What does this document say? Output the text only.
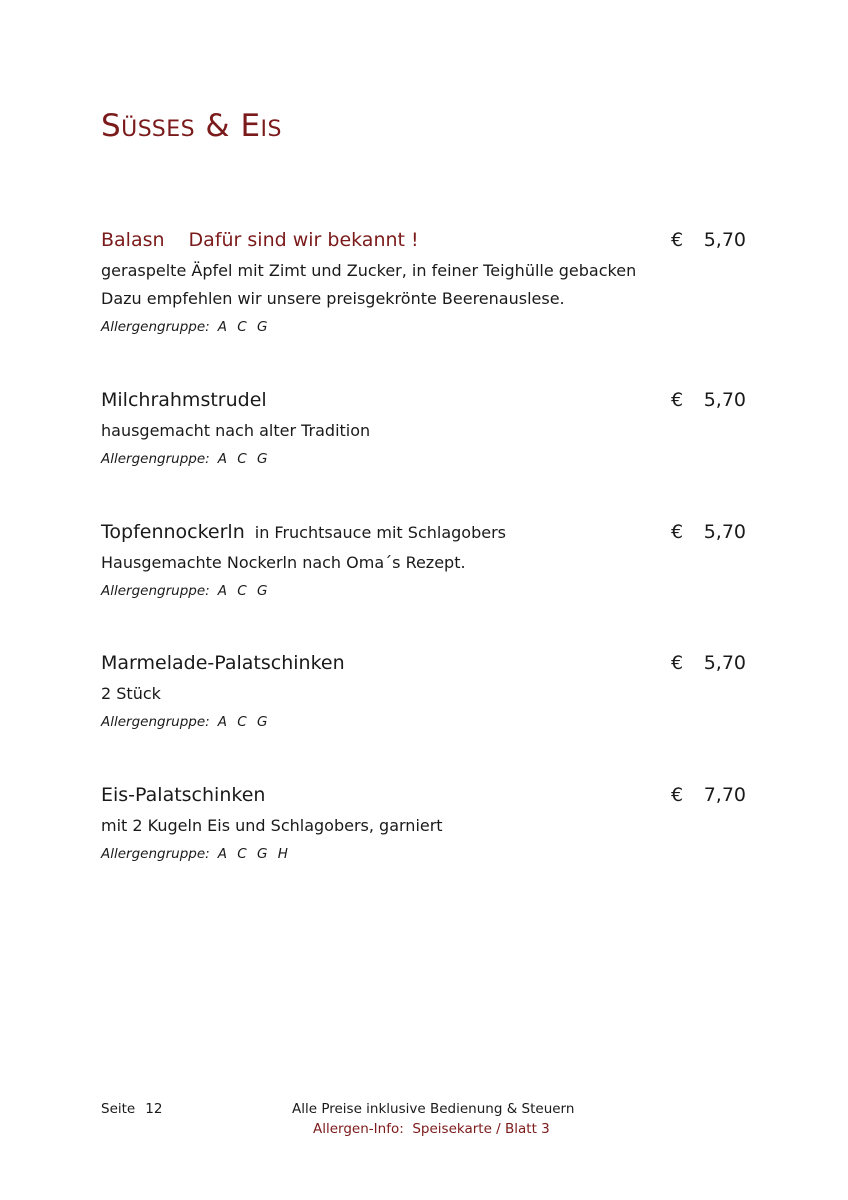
Süßes & Eis
Balasn Dafür sind wir bekannt !	€ 5,70
geraspelte Äpfel mit Zimt und Zucker, in feiner Teighülle gebacken
Dazu empfehlen wir unsere preisgekrönte Beerenauslese.
Allergengruppe: A C G
Milchrahmstrudel	€ 5,70
hausgemacht nach alter Tradition
Allergengruppe: A C G
Topfennockerln in Fruchtsauce mit Schlagobers	€ 5,70
Hausgemachte Nockerln nach Oma´s Rezept.
Allergengruppe: A C G
Marmelade-Palatschinken	€ 5,70
2 Stück
Allergengruppe: A C G
Eis-Palatschinken	€ 7,70
mit 2 Kugeln Eis und Schlagobers, garniert
Allergengruppe: A C G H
Seite 12	Alle Preise inklusive Bedienung & Steuern
Allergen-Info:  Speisekarte / Blatt 3
